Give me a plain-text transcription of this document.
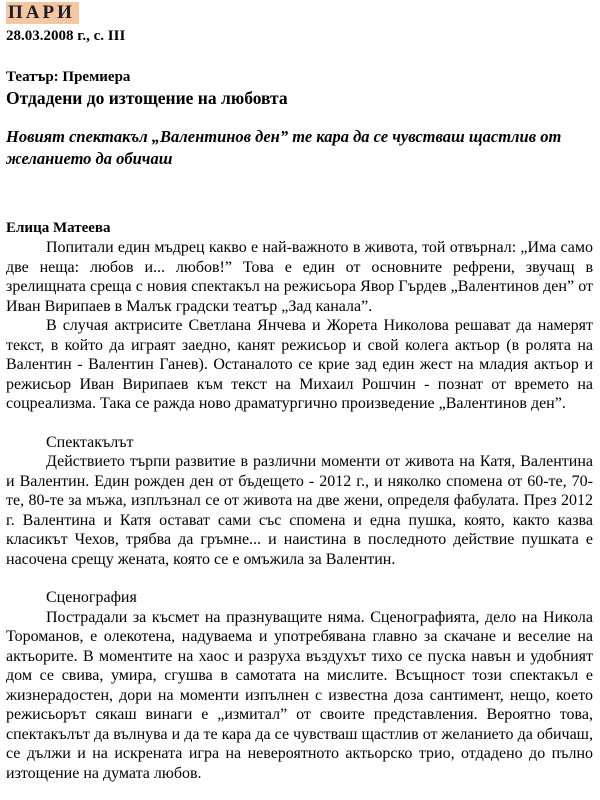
ПАРИ
28.03.2008 г., с. III
Театър: Премиера
Отдадени до изтощение на любовта
Новият спектакъл „Валентинов ден” те кара да се чувстваш щастлив от желанието да обичаш
Елица Матеева

Попитали един мъдрец какво е най-важното в живота, той отвърнал: „Има само две неща: любов и... любов!” Това е един от основните рефрени, звучащ в зрелищната среща с новия спектакъл на режисьора Явор Гърдев „Валентинов ден” от Иван Вирипаев в Малък градски театър „Зад канала”.

В случая актрисите Светлана Янчева и Жорета Николова решават да намерят текст, в който да играят заедно, канят режисьор и свой колега актьор (в ролята на Валентин - Валентин Ганев). Останалото се крие зад един жест на младия актьор и режисьор Иван Вирипаев към текст на Михаил Рошчин - познат от времето на соцреализма. Така се ражда ново драматургично произведение „Валентинов ден”.

Спектакълът

Действието търпи развитие в различни моменти от живота на Катя, Валентина и Валентин. Един рожден ден от бъдещето - 2012 г., и няколко спомена от 60-те, 70-те, 80-те за мъжа, изплъзнал се от живота на две жени, определя фабулата. През 2012 г. Валентина и Катя остават сами със спомена и една пушка, която, както казва класикът Чехов, трябва да гръмне... и наистина в последното действие пушката е насочена срещу жената, която се е омъжила за Валентин.

Сценография

Пострадали за късмет на празнуващите няма. Сценографията, дело на Никола Тороманов, е олекотена, надуваема и употребявана главно за скачане и веселие на актьорите. В моментите на хаос и разруха въздухът тихо се пуска навън и удобният дом се свива, умира, сгушва в самотата на мислите. Всъщност този спектакъл е жизнерадостен, дори на моменти изпълнен с известна доза сантимент, нещо, което режисьорът сякаш винаги е „измитал” от своите представления. Вероятно това, спектакълът да вълнува и да те кара да се чувстваш щастлив от желанието да обичаш, се дължи и на искрената игра на невероятното актьорско трио, отдадено до пълно изтощение на думата любов.
